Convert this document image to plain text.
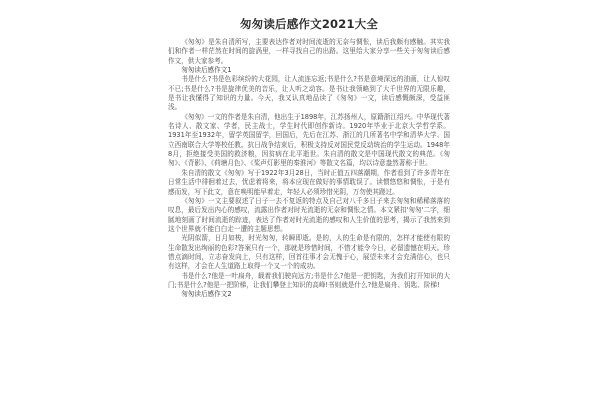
匆匆读后感作文2021大全

《匆匆》是朱自清所写，主要表达作者对时间流逝的无奈与惆怅，读后我颇有感触。其实我们和作者一样茫然在时间的旋涡里，一样寻找自己的出路。这里给大家分享一些关于匆匆读后感作文，供大家参考。

匆匆读后感作文1

书是什么?书是色彩缤纷的大花园，让人流连忘返;书是什么?书是意境深远的油画，让人惊叹不已;书是什么?书是旋律优美的音乐，让人听之动容。是书让我领略到了大千世界的无限乐趣，是书让我懂得了知识的力量。今天，我又认真地品读了《匆匆》一文，读后感慨颇深，受益匪浅。

《匆匆》一文的作者是朱自清，他出生于1898年，江苏扬州人，原籍浙江绍兴。中华现代著名诗人、散文家、学者，民主战士，学生时代即创作新诗。1920年毕业于北京大学哲学系。1931年至1932年，留学英国留学，回国后，先后在江苏、浙江的几所著名中学和清华大学、国立西南联合大学等校任教。抗日战争结束后，积极支持反对国民党反动统治的学生运动。1948年8月，拒绝接受美国的救济粮，因贫病在北平逝世。朱自清的散文是中国现代散文的典范。《匆匆》、《背影》、《荷塘月色》、《桨声灯影里的秦淮河》等散文名篇，均以诗意盎然著称于世。

朱自清的散文《匆匆》写于1922年3月28日，当时正值五四落潮期，作者看到了许多青年在日常生活中徘徊着过去，忧虑着将来，将本应现在做好的事情耽误了。读惯悠悠和惆怅，于是有感而发，写下此文，意在唤明能早着走，年轻人必须珍惜光阴，万勿使其蹉过。

《匆匆》一文主要叙述了日子一去不复返的特点及自己对八千多日子来去匆匆和稀稀落落的叹息，最后发出内心的感叹，流露出作者对时光流逝的无奈和惆怅之情。本文紧扣'匆匆'二字，细腻地刻画了时间流逝的踪迹，表达了作者对时光流逝的感叹和人生价值的思考，揭示了我然来到这个世界就不能白白走一遭的主题思想。

光阴似箭，日月如梭，时光匆匆，转瞬即逝。是的，人的生命是有限的，怎样才能使有限的生命散发出绚丽的色彩?答案只有一个，那就是珍惜时间，不惜才能令今日，必留遗憾在明天。珍惜点滴时间，立志奋发向上，只有这样，回首往事才会无愧于心，展望未来才会充满信心，也只有这样，才会在人生道路上取得一个又一个的成功。

书是什么?他是一叶扁舟，载着我们驶向远方;书是什么?他是一把钥匙，为我们打开知识的大门;书是什么?他是一把阶梯，让我们攀登上知识的高峰!书则就是什么?他是扁舟、钥匙、阶梯!

匆匆读后感作文2
